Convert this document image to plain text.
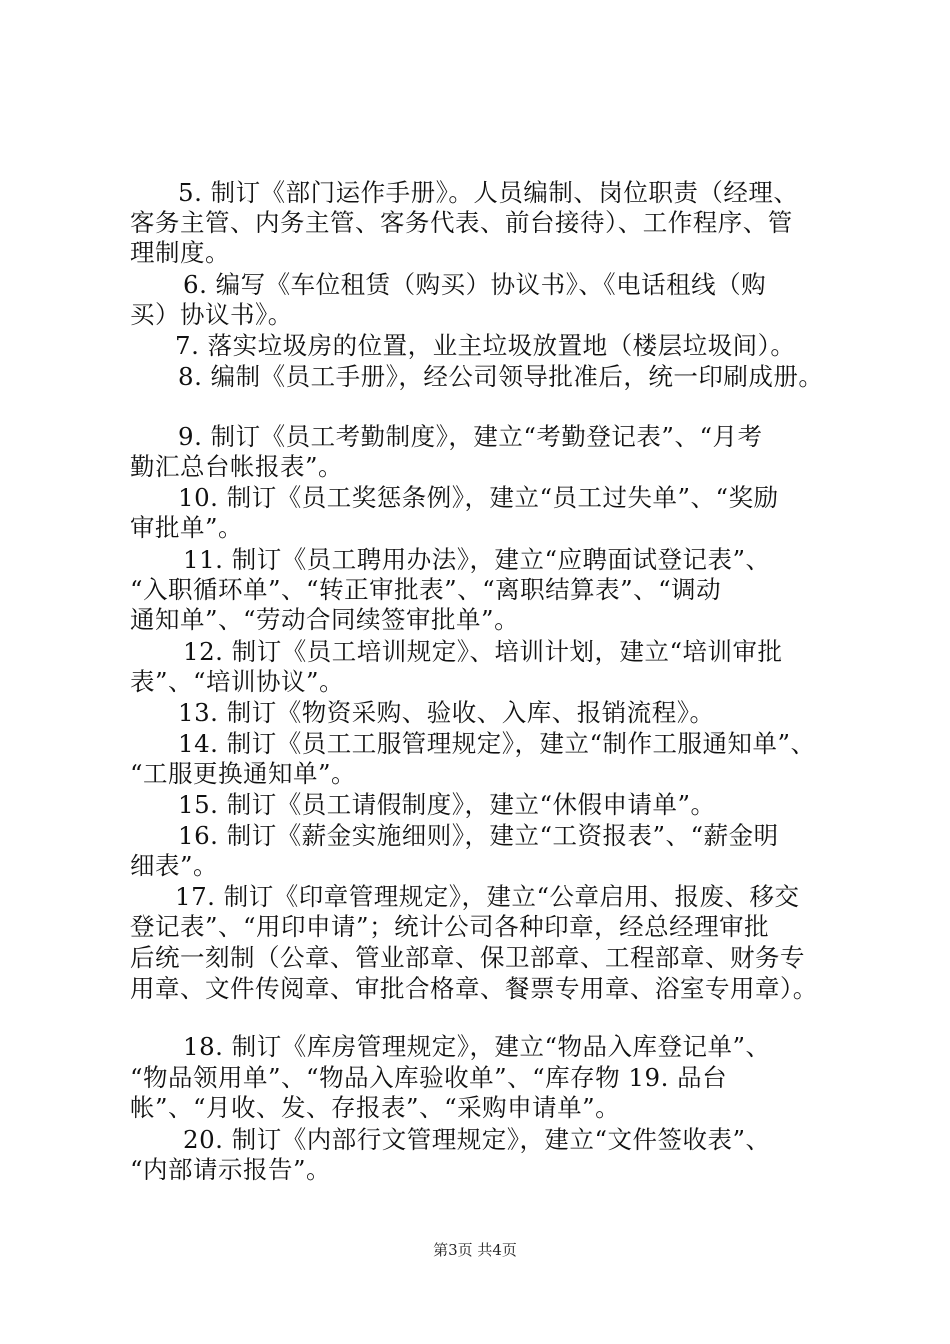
5. 制订《部门运作手册》。人员编制、岗位职责（经理、
客务主管、内务主管、客务代表、前台接待）、工作程序、管
理制度。
6. 编写《车位租赁（购买）协议书》、《电话租线（购
买）协议书》。
7. 落实垃圾房的位置，业主垃圾放置地（楼层垃圾间）。
8. 编制《员工手册》，经公司领导批准后，统一印刷成册。
9. 制订《员工考勤制度》，建立“考勤登记表”、“月考
勤汇总台帐报表”。
10. 制订《员工奖惩条例》，建立“员工过失单”、“奖励
审批单”。
11. 制订《员工聘用办法》，建立“应聘面试登记表”、
“入职循环单”、“转正审批表”、“离职结算表”、“调动
通知单”、“劳动合同续签审批单”。
12. 制订《员工培训规定》、培训计划，建立“培训审批
表”、“培训协议”。
13. 制订《物资采购、验收、入库、报销流程》。
14. 制订《员工工服管理规定》，建立“制作工服通知单”、
“工服更换通知单”。
15. 制订《员工请假制度》，建立“休假申请单”。
16. 制订《薪金实施细则》，建立“工资报表”、“薪金明
细表”。
17. 制订《印章管理规定》，建立“公章启用、报废、移交
登记表”、“用印申请”；统计公司各种印章，经总经理审批
后统一刻制（公章、管业部章、保卫部章、工程部章、财务专
用章、文件传阅章、审批合格章、餐票专用章、浴室专用章）。
18. 制订《库房管理规定》，建立“物品入库登记单”、
“物品领用单”、“物品入库验收单”、“库存物 19. 品台
帐”、“月收、发、存报表”、“采购申请单”。
20. 制订《内部行文管理规定》，建立“文件签收表”、
“内部请示报告”。
第3页 共4页
